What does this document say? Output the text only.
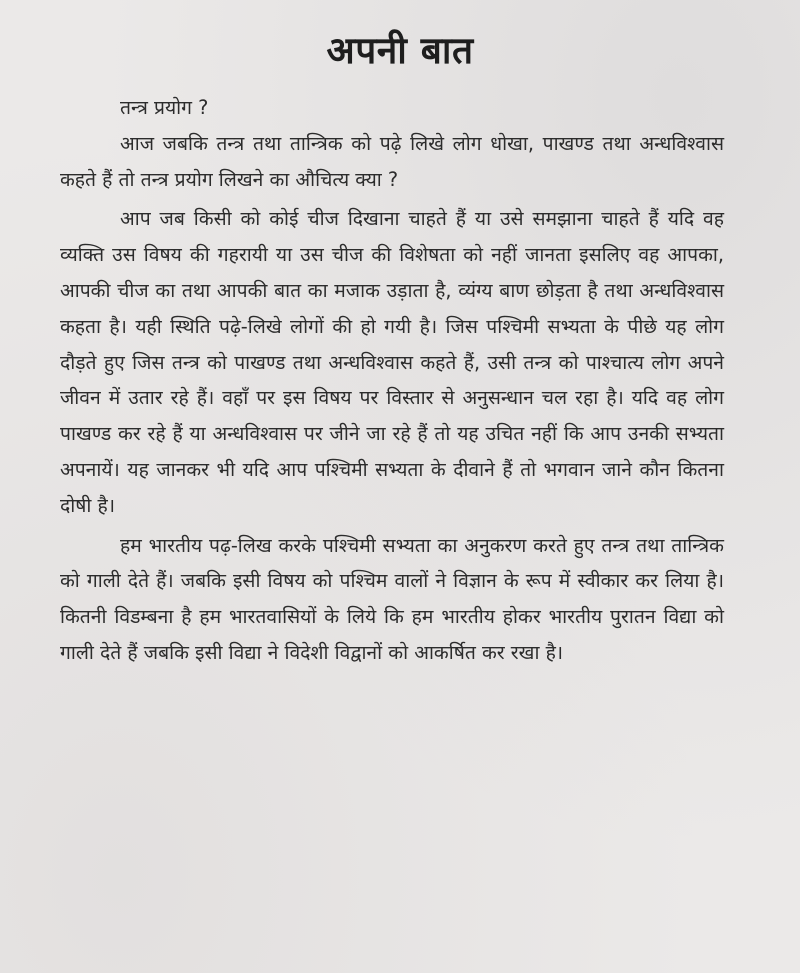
अपनी बात

तन्त्र प्रयोग ?

आज जबकि तन्त्र तथा तान्त्रिक को पढ़े लिखे लोग धोखा, पाखण्ड तथा अन्धविश्वास कहते हैं तो तन्त्र प्रयोग लिखने का औचित्य क्या ?

आप जब किसी को कोई चीज दिखाना चाहते हैं या उसे समझाना चाहते हैं यदि वह व्यक्ति उस विषय की गहरायी या उस चीज की विशेषता को नहीं जानता इसलिए वह आपका, आपकी चीज का तथा आपकी बात का मजाक उड़ाता है, व्यंग्य बाण छोड़ता है तथा अन्धविश्वास कहता है। यही स्थिति पढ़े-लिखे लोगों की हो गयी है। जिस पश्चिमी सभ्यता के पीछे यह लोग दौड़ते हुए जिस तन्त्र को पाखण्ड तथा अन्धविश्वास कहते हैं, उसी तन्त्र को पाश्चात्य लोग अपने जीवन में उतार रहे हैं। वहाँ पर इस विषय पर विस्तार से अनुसन्धान चल रहा है। यदि वह लोग पाखण्ड कर रहे हैं या अन्धविश्वास पर जीने जा रहे हैं तो यह उचित नहीं कि आप उनकी सभ्यता अपनायें। यह जानकर भी यदि आप पश्चिमी सभ्यता के दीवाने हैं तो भगवान जाने कौन कितना दोषी है।

हम भारतीय पढ़-लिख करके पश्चिमी सभ्यता का अनुकरण करते हुए तन्त्र तथा तान्त्रिक को गाली देते हैं। जबकि इसी विषय को पश्चिम वालों ने विज्ञान के रूप में स्वीकार कर लिया है। कितनी विडम्बना है हम भारतवासियों के लिये कि हम भारतीय होकर भारतीय पुरातन विद्या को गाली देते हैं जबकि इसी विद्या ने विदेशी विद्वानों को आकर्षित कर रखा है।
